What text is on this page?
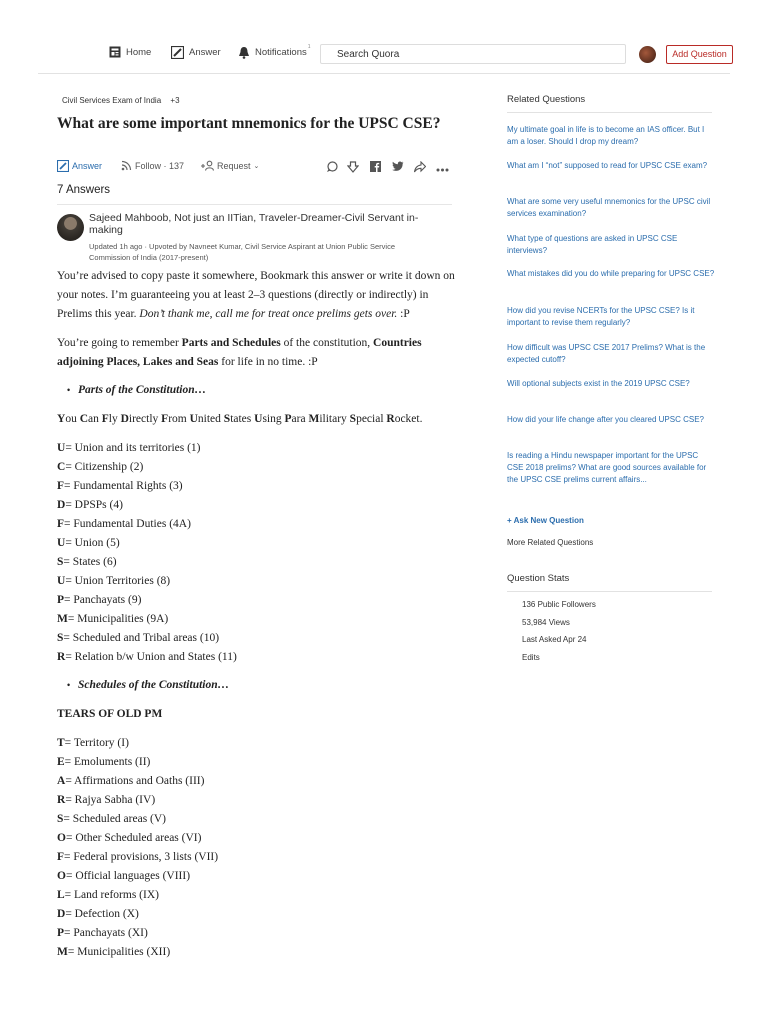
Home	Answer	Notifications
1
Search Quora
Add Question
Civil Services Exam of India +3
What are some important mnemonics for the UPSC CSE?
Answer	Follow · 137	Request ⌄
7 Answers
Sajeed Mahboob, Not just an IITian, Traveler-Dreamer-Civil Servant in-making
Updated 1h ago · Upvoted by Navneet Kumar, Civil Service Aspirant at Union Public Service Commission of India (2017-present)

You’re advised to copy paste it somewhere, Bookmark this answer or write it down on your notes. I’m guaranteeing you at least 2–3 questions (directly or indirectly) in Prelims this year. Don’t thank me, call me for treat once prelims gets over. :P

You’re going to remember Parts and Schedules of the constitution, Countries adjoining Places, Lakes and Seas for life in no time. :P

• Parts of the Constitution…

You Can Fly Directly From United States Using Para Military Special Rocket.

U= Union and its territories (1)

C= Citizenship (2)

F= Fundamental Rights (3)

D= DPSPs (4)

F= Fundamental Duties (4A)

U= Union (5)

S= States (6)

U= Union Territories (8)

P= Panchayats (9)

M= Municipalities (9A)

S= Scheduled and Tribal areas (10)

R= Relation b/w Union and States (11)

• Schedules of the Constitution…

TEARS OF OLD PM

T= Territory (I)

E= Emoluments (II)

A= Affirmations and Oaths (III)

R= Rajya Sabha (IV)

S= Scheduled areas (V)

O= Other Scheduled areas (VI)

F= Federal provisions, 3 lists (VII)

O= Official languages (VIII)

L= Land reforms (IX)

D= Defection (X)

P= Panchayats (XI)

M= Municipalities (XII)

Related Questions
My ultimate goal in life is to become an IAS officer. But I am a loser. Should I drop my dream?
What am I “not” supposed to read for UPSC CSE exam?
What are some very useful mnemonics for the UPSC civil services examination?
What type of questions are asked in UPSC CSE interviews?
What mistakes did you do while preparing for UPSC CSE?
How did you revise NCERTs for the UPSC CSE? Is it important to revise them regularly?
How difficult was UPSC CSE 2017 Prelims? What is the expected cutoff?
Will optional subjects exist in the 2019 UPSC CSE?
How did your life change after you cleared UPSC CSE?
Is reading a Hindu newspaper important for the UPSC CSE 2018 prelims? What are good sources available for the UPSC CSE prelims current affairs...
+ Ask New Question
More Related Questions
Question Stats
136 Public Followers
53,984 Views
Last Asked Apr 24
Edits
